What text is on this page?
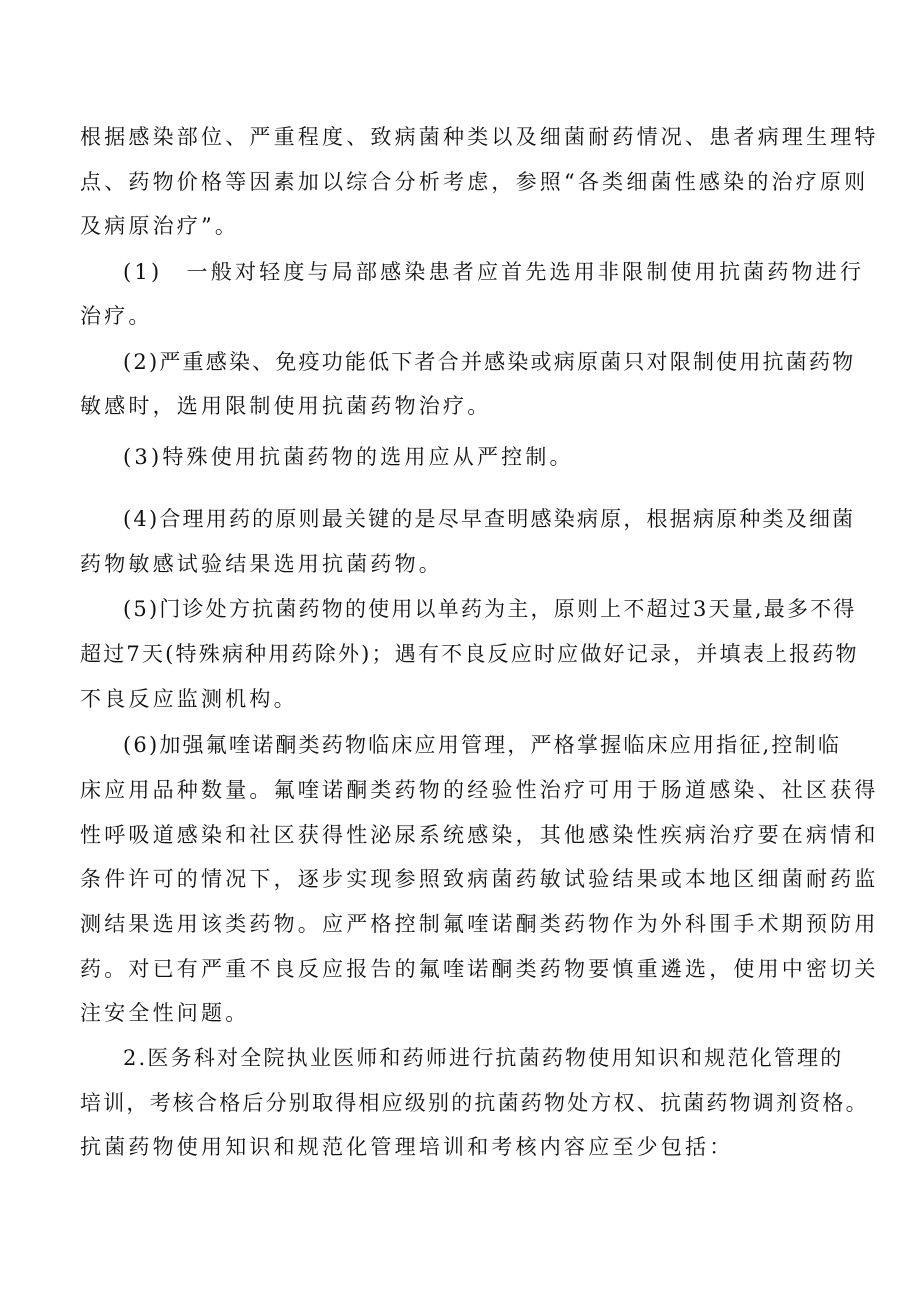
根据感染部位、严重程度、致病菌种类以及细菌耐药情况、患者病理生理特
点、药物价格等因素加以综合分析考虑，参照“各类细菌性感染的治疗原则
及病原治疗”。
(1)　一般对轻度与局部感染患者应首先选用非限制使用抗菌药物进行
治疗。
(2)严重感染、免疫功能低下者合并感染或病原菌只对限制使用抗菌药物
敏感时，选用限制使用抗菌药物治疗。
(3)特殊使用抗菌药物的选用应从严控制。
(4)合理用药的原则最关键的是尽早查明感染病原，根据病原种类及细菌
药物敏感试验结果选用抗菌药物。
(5)门诊处方抗菌药物的使用以单药为主，原则上不超过3天量,最多不得
超过7天(特殊病种用药除外)；遇有不良反应时应做好记录，并填表上报药物
不良反应监测机构。
(6)加强氟喹诺酮类药物临床应用管理，严格掌握临床应用指征,控制临
床应用品种数量。氟喹诺酮类药物的经验性治疗可用于肠道感染、社区获得
性呼吸道感染和社区获得性泌尿系统感染，其他感染性疾病治疗要在病情和
条件许可的情况下，逐步实现参照致病菌药敏试验结果或本地区细菌耐药监
测结果选用该类药物。应严格控制氟喹诺酮类药物作为外科围手术期预防用
药。对已有严重不良反应报告的氟喹诺酮类药物要慎重遴选，使用中密切关
注安全性问题。
2.医务科对全院执业医师和药师进行抗菌药物使用知识和规范化管理的
培训，考核合格后分别取得相应级别的抗菌药物处方权、抗菌药物调剂资格。
抗菌药物使用知识和规范化管理培训和考核内容应至少包括：
